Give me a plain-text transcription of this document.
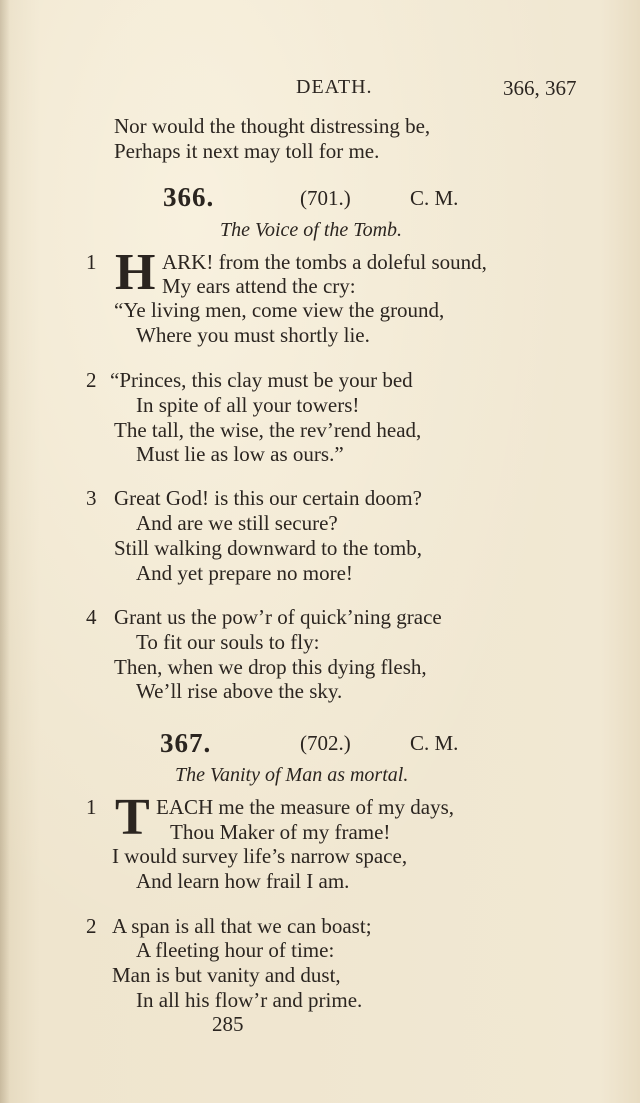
DEATH.	366, 367
Nor would the thought distressing be,
Perhaps it next may toll for me.
366.	(701.)	C. M.
The Voice of the Tomb.
1 H ARK! from the tombs a doleful sound,
My ears attend the cry:
“Ye living men, come view the ground,
Where you must shortly lie.
2 “Princes, this clay must be your bed
In spite of all your towers!
The tall, the wise, the rev’rend head,
Must lie as low as ours.”
3 Great God! is this our certain doom?
And are we still secure?
Still walking downward to the tomb,
And yet prepare no more!
4 Grant us the pow’r of quick’ning grace
To fit our souls to fly:
Then, when we drop this dying flesh,
We’ll rise above the sky.
367.	(702.)	C. M.
The Vanity of Man as mortal.
1 T EACH me the measure of my days,
Thou Maker of my frame!
I would survey life’s narrow space,
And learn how frail I am.
2 A span is all that we can boast;
A fleeting hour of time:
Man is but vanity and dust,
In all his flow’r and prime.
285
